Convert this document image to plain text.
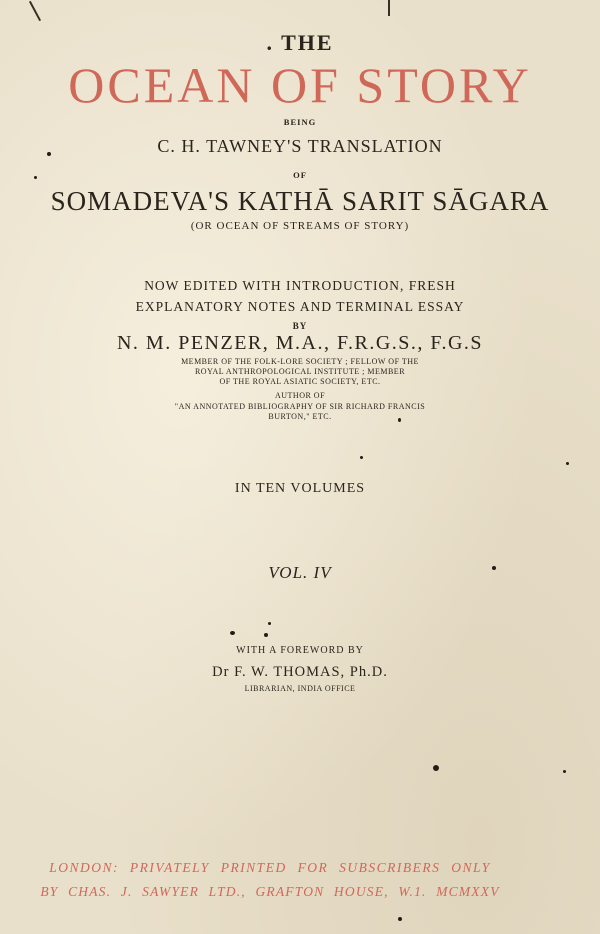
. THE
OCEAN OF STORY
BEING
C. H. TAWNEY'S TRANSLATION
OF
SOMADEVA'S KATHĀ SARIT SĀGARA
(OR OCEAN OF STREAMS OF STORY)
NOW EDITED WITH INTRODUCTION, FRESH
EXPLANATORY NOTES AND TERMINAL ESSAY
BY
N. M. PENZER, M.A., F.R.G.S., F.G.S
MEMBER OF THE FOLK-LORE SOCIETY ; FELLOW OF THE
ROYAL ANTHROPOLOGICAL INSTITUTE ; MEMBER
OF THE ROYAL ASIATIC SOCIETY, ETC.
AUTHOR OF
"AN ANNOTATED BIBLIOGRAPHY OF SIR RICHARD FRANCIS
BURTON," ETC.
IN TEN VOLUMES
VOL. IV
WITH A FOREWORD BY
Dr F. W. THOMAS, Ph.D.
LIBRARIAN, INDIA OFFICE
LONDON: PRIVATELY PRINTED FOR SUBSCRIBERS ONLY
BY CHAS. J. SAWYER LTD., GRAFTON HOUSE, W.1. MCMXXV
